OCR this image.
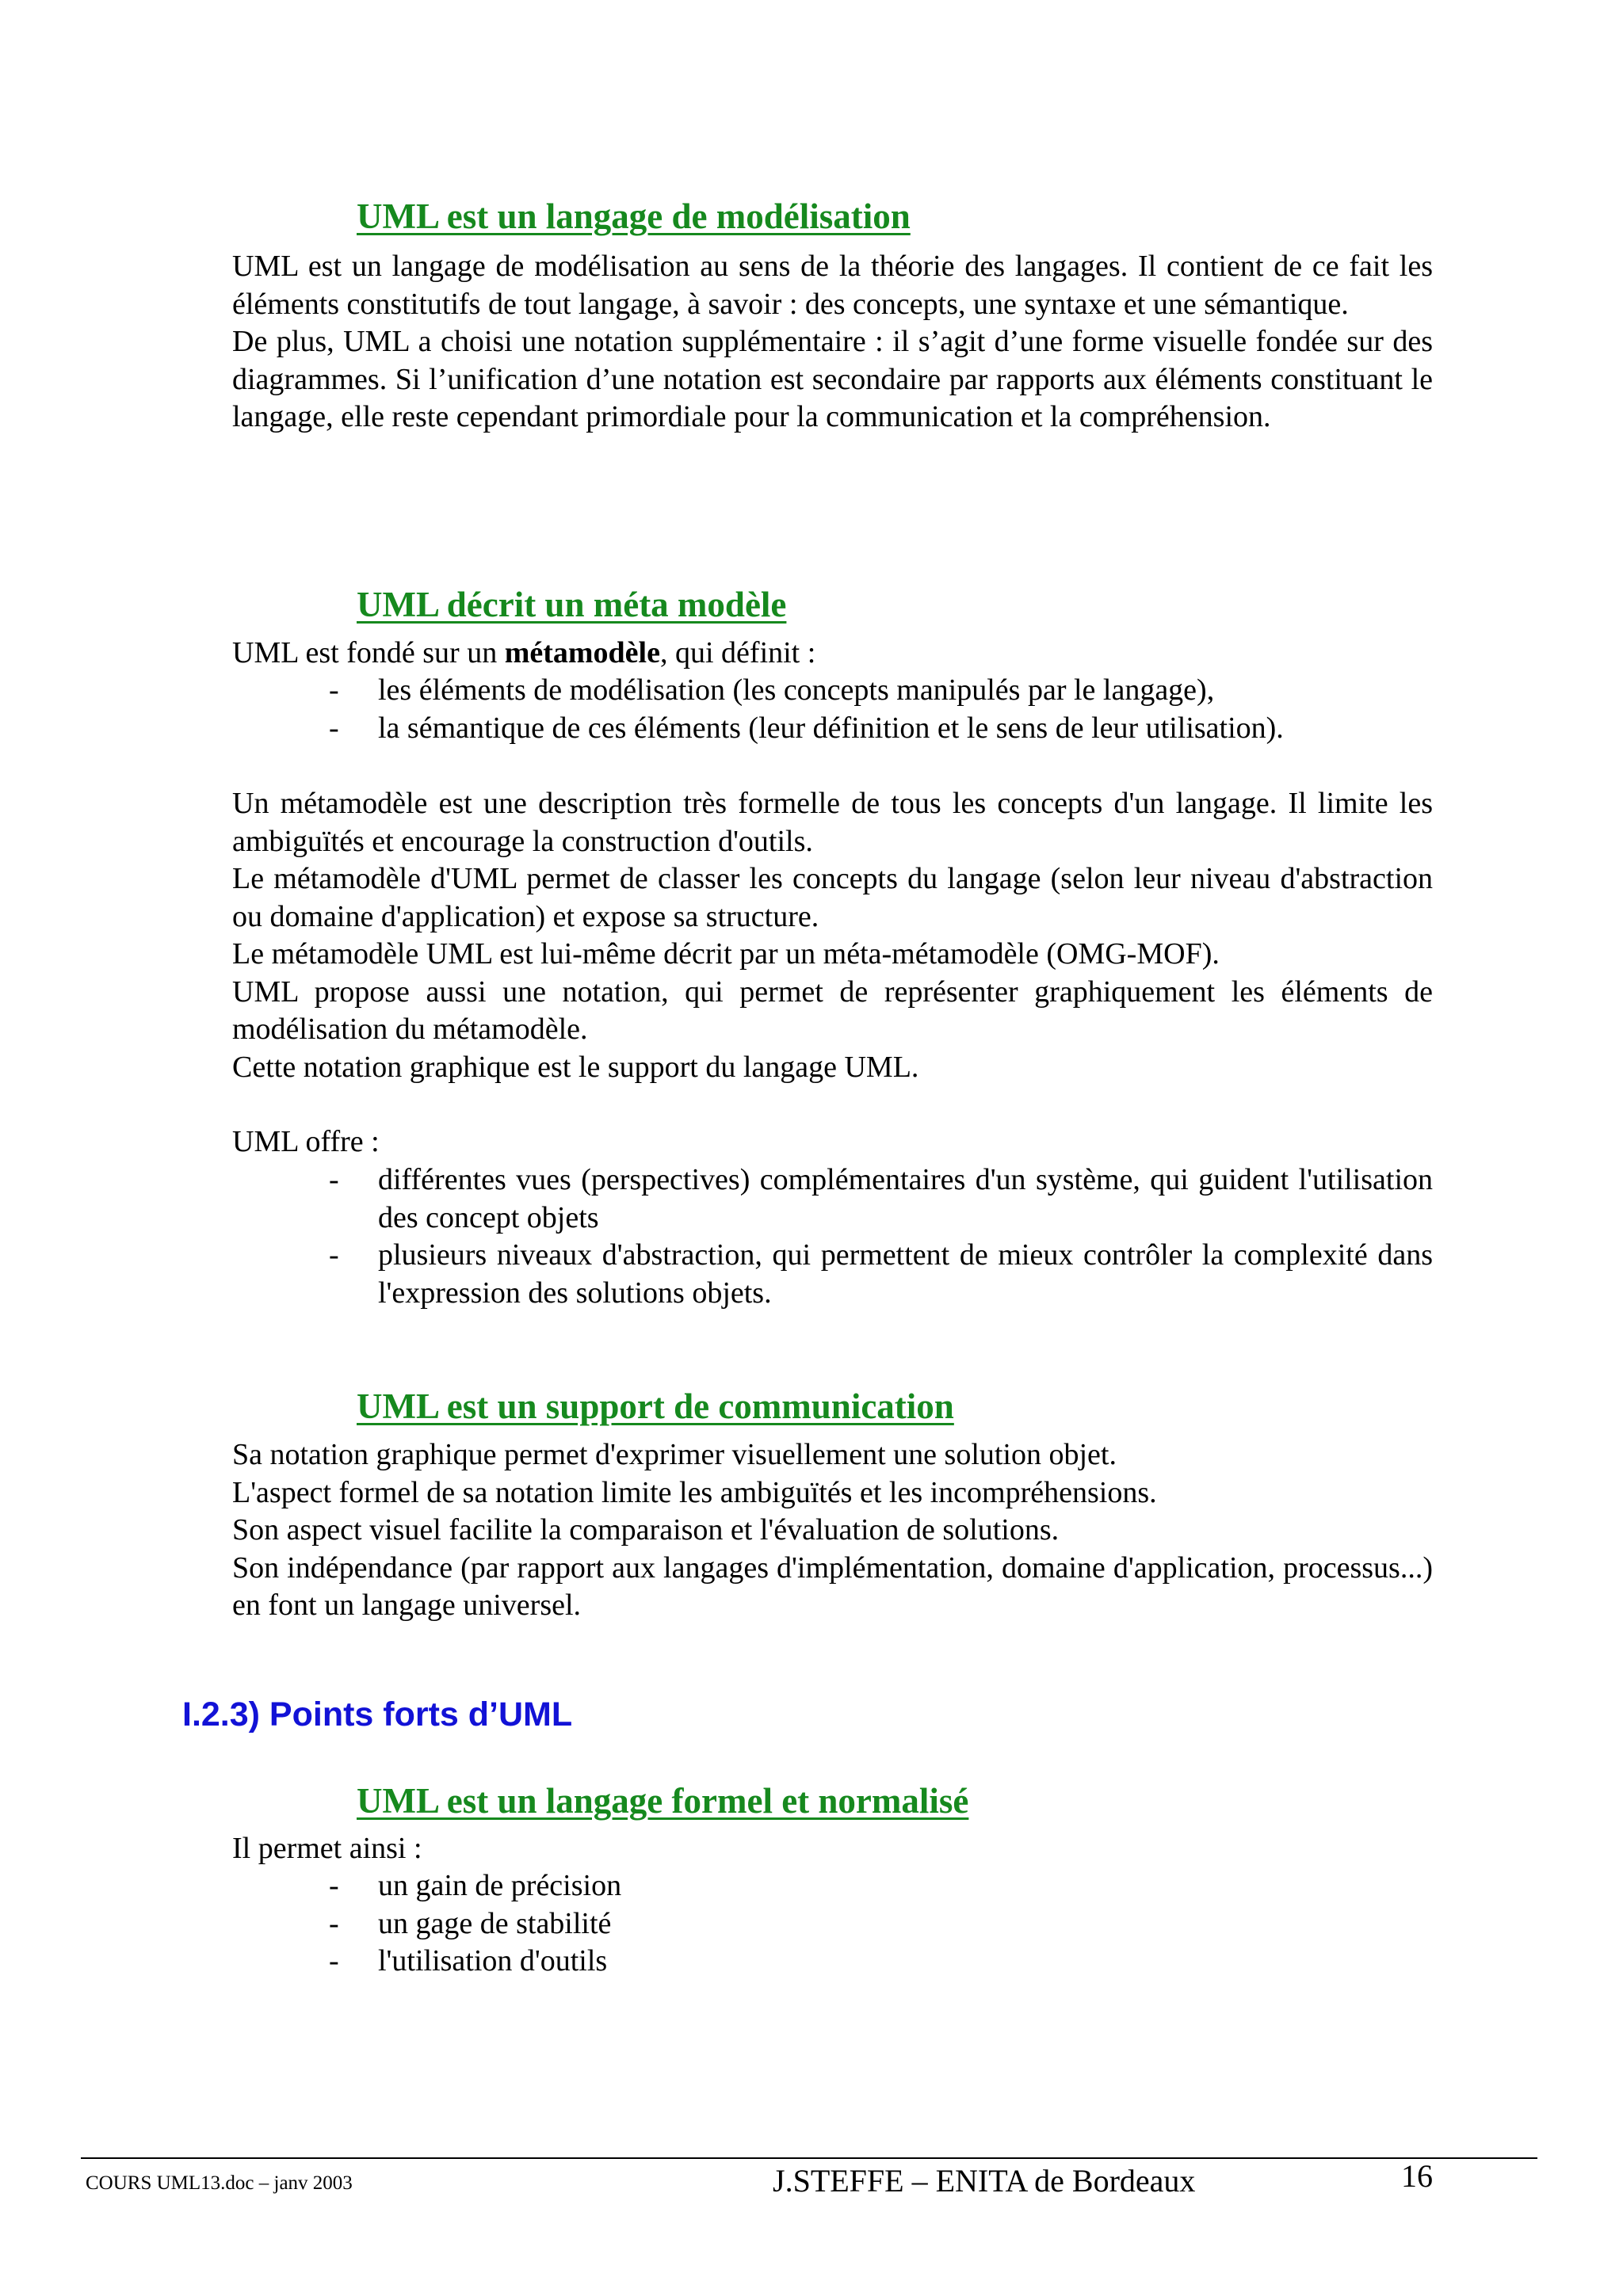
UML est un langage de modélisation

UML est un langage de modélisation au sens de la théorie des langages. Il contient de ce fait les éléments constitutifs de tout langage, à savoir : des concepts, une syntaxe et une sémantique.

De plus, UML a choisi une notation supplémentaire : il s’agit d’une forme visuelle fondée sur des diagrammes. Si l’unification d’une notation est secondaire par rapports aux éléments constituant le langage, elle reste cependant primordiale pour la communication et la compréhension.

UML décrit un méta modèle

UML est fondé sur un métamodèle, qui définit :

- les éléments de modélisation (les concepts manipulés par le langage),
- la sémantique de ces éléments (leur définition et le sens de leur utilisation).

Un métamodèle est une description très formelle de tous les concepts d'un langage. Il limite les ambiguïtés et encourage la construction d'outils.

Le métamodèle d'UML permet de classer les concepts du langage (selon leur niveau d'abstraction ou domaine d'application) et expose sa structure.

Le métamodèle UML est lui-même décrit par un méta-métamodèle (OMG-MOF).

UML propose aussi une notation, qui permet de représenter graphiquement les éléments de modélisation du métamodèle.

Cette notation graphique est le support du langage UML.

UML offre :

- différentes vues (perspectives) complémentaires d'un système, qui guident l'utilisation des concept objets
- plusieurs niveaux d'abstraction, qui permettent de mieux contrôler la complexité dans l'expression des solutions objets.
UML est un support de communication

Sa notation graphique permet d'exprimer visuellement une solution objet.

L'aspect formel de sa notation limite les ambiguïtés et les incompréhensions.

Son aspect visuel facilite la comparaison et l'évaluation de solutions.

Son indépendance (par rapport aux langages d'implémentation, domaine d'application, processus...) en font un langage universel.

I.2.3) Points forts d’UML
UML est un langage formel et normalisé

Il permet ainsi :

- un gain de précision
- un gage de stabilité
- l'utilisation d'outils
COURS UML13.doc – janv 2003	J.STEFFE – ENITA de Bordeaux	16
